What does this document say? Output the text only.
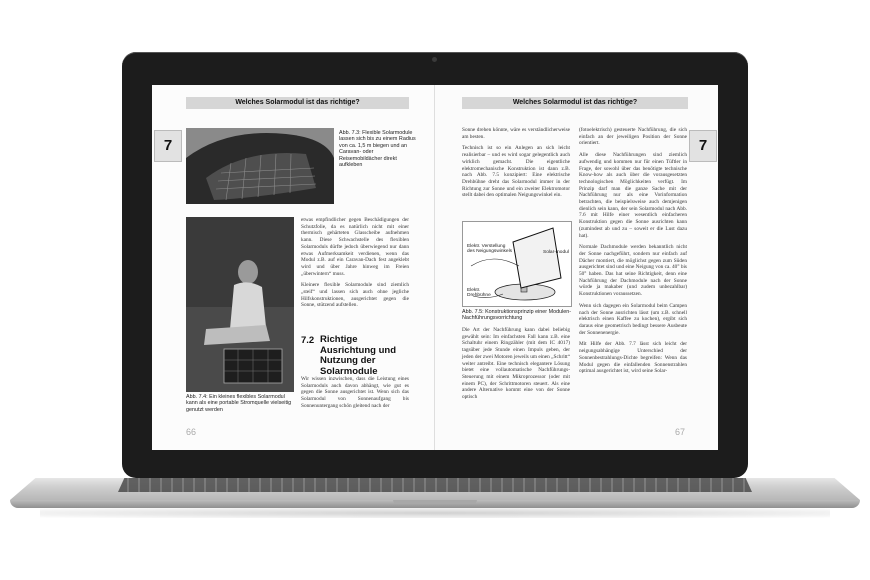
Welches Solarmodul ist das richtige?
7
Abb. 7.3: Flexible Solarmodule lassen sich bis zu einem Radius von ca. 1,5 m biegen und an Caravan- oder Reisemobildächer direkt aufkleben
Abb. 7.4: Ein kleines flexibles Solarmodul kann als eine portable Stromquelle vielseitig genutzt werden

etwas empfindlicher gegen Beschädigungen der Schutzfolie, da es natürlich nicht mit einer thermisch gehärteten Glasscheibe aufnehmen kann. Diese Schwachstelle des flexiblen Solarmoduls dürfte jedoch überwiegend nur dann etwas Aufmerksamkeit verdienen, wenn das Modul z.B. auf ein Caravan-Dach fest angeklebt wird und über Jahre hinweg im Freien „überwintern“ muss.

Kleinere flexible Solarmodule sind ziemlich „steif“ und lassen sich auch ohne jegliche Hilfskonstruktionen, ausgerichtet gegen die Sonne, stützend aufstellen.

7.2 Richtige Ausrichtung und Nutzung der Solarmodule

Wir wissen inzwischen, dass die Leistung eines Solarmoduls auch davon abhängt, wie gut es gegen die Sonne ausgerichtet ist. Wenn sich das Solarmodul von Sonnenaufgang bis Sonnenuntergang schön gleitend nach der

66
Welches Solarmodul ist das richtige?
7

Sonne drehen könnte, wäre es verständlicherweise am besten.

Technisch ist so ein Anlegen an sich leicht realisierbar – und es wird sogar gelegentlich auch wirklich gemacht. Die eigentliche elektromechanische Konstruktion ist dann z.B. nach Abb. 7.5 konzipiert: Eine elektrische Drehbühne dreht das Solarmodul immer in der Richtung zur Sonne und ein zweiter Elektromotor stellt dabei den optimalen Neigungswinkel ein.

Elektr. Verstellung des Neigungswinkels	Solar-modul
Elektr. Drehbühne
Abb. 7.5: Konstruktionsprinzip einer Modulen-Nachführungsvorrichtung

Die Art der Nachführung kann dabei beliebig gewählt sein: Im einfachsten Fall kann z.B. eine Schaltuhr einem Ringzähler (mit dem IC 4017) tagsüber jede Stunde einen Impuls geben, der jeden der zwei Motoren jeweils um einen „Schritt“ weiter antreibt. Eine technisch elegantere Lösung bietet eine vollautomatische Nachführungs-Steuerung mit einem Mikroprozessor (oder mit einem PC), der Schrittmotoren steuert. Als eine andere Alternative kommt eine von der Sonne optisch

(fotoelektrisch) gesteuerte Nachführung, die sich einfach an der jeweiligen Position der Sonne orientiert.

Alle diese Nachführungen sind ziemlich aufwendig und kommen nur für einen Tüftler in Frage, der sowohl über das benötigte technische Know-how als auch über die vorausgesetzten technologischen Möglichkeiten verfügt. Im Prinzip darf man die ganze Sache mit der Nachführung nur als eine Vorinformation betrachten, die beispielsweise auch demjenigen dienlich sein kann, der sein Solarmodul nach Abb. 7.6 mit Hilfe einer wesentlich einfacheren Konstruktion gegen die Sonne ausrichten kann (zumindest ab und zu – soweit er die Lust dazu hat).

Normale Dachmodule werden bekanntlich nicht der Sonne nachgeführt, sondern nur einfach auf Dächer montiert, die möglichst gegen zum Süden ausgerichtet sind und eine Neigung von ca. 40° bis 50° haben. Das hat seine Richtigkeit, denn eine Nachführung der Dachmodule nach der Sonne würde ja makaber (und zudem unbezahlbar) Konstruktionen voraussetzen.

Wenn sich dagegen ein Solarmodul beim Campen nach der Sonne ausrichten lässt (um z.B. schnell elektrisch einen Kaffee zu kochen), ergibt sich daraus eine geometrisch bedingt bessere Ausbeute der Sonnenenergie.

Mit Hilfe der Abb. 7.7 lässt sich leicht der neigungsabhängige Unterschied der Sonnenbestrahlungs-Dichte begreifen: Wenn das Modul gegen die einfallenden Sonnenstrahlen optimal ausgerichtet ist, wird seine Solar-

67
